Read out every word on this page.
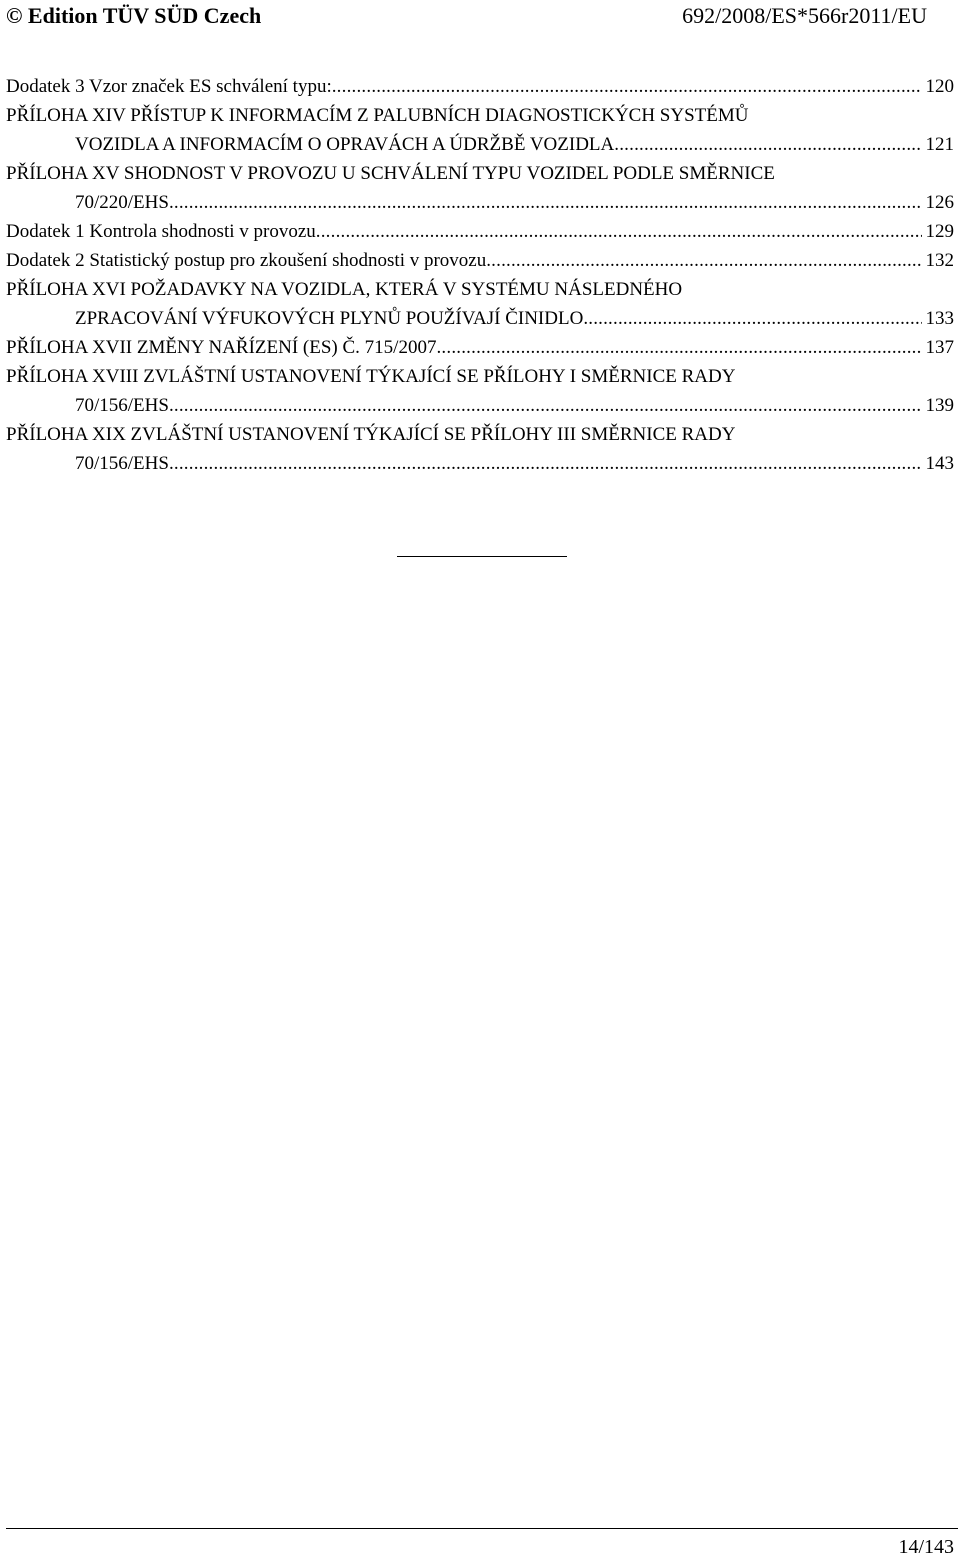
© Edition TÜV SÜD Czech	692/2008/ES*566r2011/EU
Dodatek 3 Vzor značek ES schválení typu: .....	120
PŘÍLOHA XIV PŘÍSTUP K INFORMACÍM Z PALUBNÍCH DIAGNOSTICKÝCH SYSTÉMŮ
VOZIDLA A INFORMACÍM O OPRAVÁCH A ÚDRŽBĚ VOZIDLA .....	121
PŘÍLOHA XV SHODNOST V PROVOZU U SCHVÁLENÍ TYPU VOZIDEL PODLE SMĚRNICE
70/220/EHS .....	126
Dodatek 1 Kontrola shodnosti v provozu .....	129
Dodatek 2 Statistický postup pro zkoušení shodnosti v provozu .....	132
PŘÍLOHA XVI POŽADAVKY NA VOZIDLA, KTERÁ V SYSTÉMU NÁSLEDNÉHO
ZPRACOVÁNÍ VÝFUKOVÝCH PLYNŮ POUŽÍVAJÍ ČINIDLO .....	133
PŘÍLOHA XVII ZMĚNY NAŘÍZENÍ (ES) Č. 715/2007 .....	137
PŘÍLOHA XVIII ZVLÁŠTNÍ USTANOVENÍ TÝKAJÍCÍ SE PŘÍLOHY I SMĚRNICE RADY
70/156/EHS .....	139
PŘÍLOHA XIX ZVLÁŠTNÍ USTANOVENÍ TÝKAJÍCÍ SE PŘÍLOHY III SMĚRNICE RADY
70/156/EHS .....	143
14/143
